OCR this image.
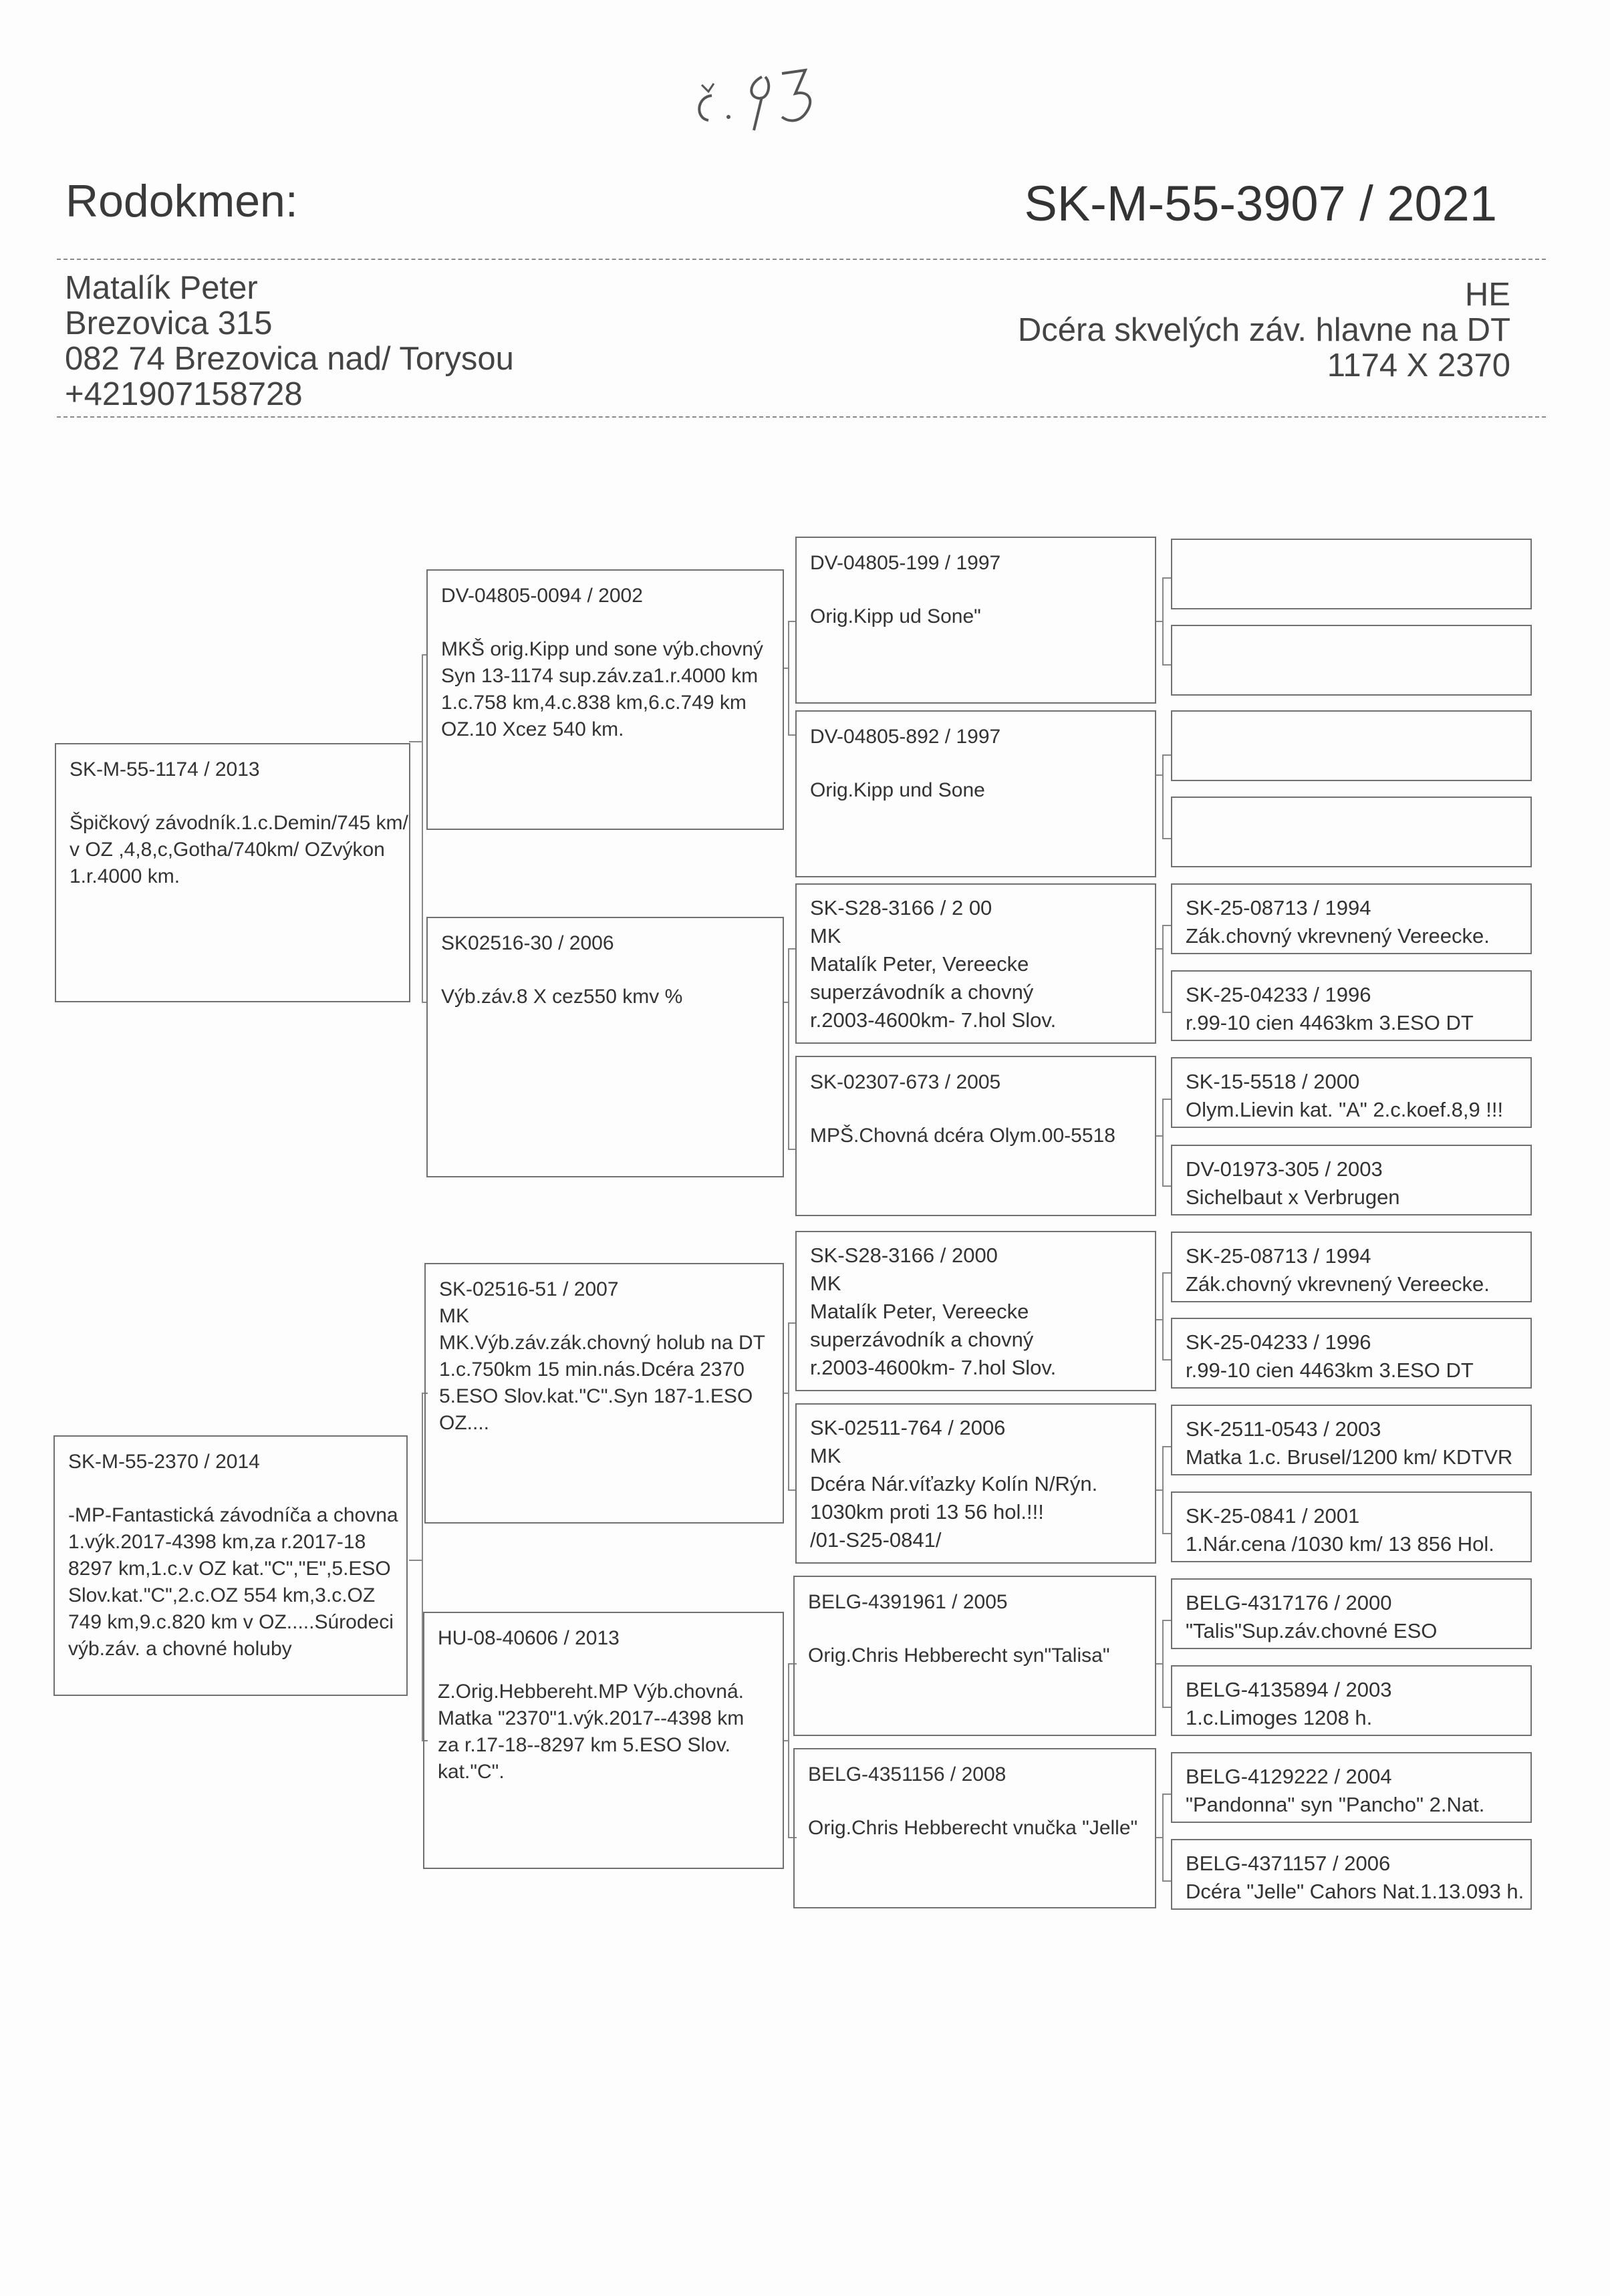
Rodokmen:	SK-M-55-3907 / 2021
Matalík Peter
Brezovica 315
082 74 Brezovica nad/ Torysou
+421907158728
HE
Dcéra skvelých záv. hlavne na DT
1174 X 2370
SK-M-55-1174 / 2013
Špičkový závodník.1.c.Demin/745 km/
v OZ ,4,8,c,Gotha/740km/ OZvýkon
1.r.4000 km.
SK-M-55-2370 / 2014
-MP-Fantastická závodníča a chovna
1.výk.2017-4398 km,za r.2017-18
8297 km,1.c.v OZ kat."C","E",5.ESO
Slov.kat."C",2.c.OZ 554 km,3.c.OZ
749 km,9.c.820 km v OZ.....Súrodeci
výb.záv. a chovné holuby
DV-04805-0094 / 2002
MKŠ orig.Kipp und sone výb.chovný
Syn 13-1174 sup.záv.za1.r.4000 km
1.c.758 km,4.c.838 km,6.c.749 km
OZ.10 Xcez 540 km.
SK02516-30 / 2006
Výb.záv.8 X cez550 kmv %
SK-02516-51 / 2007
MK
MK.Výb.záv.zák.chovný holub na DT
1.c.750km 15 min.nás.Dcéra 2370
5.ESO Slov.kat."C".Syn 187-1.ESO
OZ....
HU-08-40606 / 2013
Z.Orig.Hebbereht.MP Výb.chovná.
Matka "2370"1.výk.2017--4398 km
za r.17-18--8297 km 5.ESO Slov.
kat."C".
DV-04805-199 / 1997
Orig.Kipp ud Sone"
DV-04805-892 / 1997
Orig.Kipp und Sone
SK-S28-3166 / 2 00
MK
Matalík Peter, Vereecke
superzávodník a chovný
r.2003-4600km- 7.hol Slov.
SK-02307-673 / 2005
MPŠ.Chovná dcéra Olym.00-5518
SK-S28-3166 / 2000
MK
Matalík Peter, Vereecke
superzávodník a chovný
r.2003-4600km- 7.hol Slov.
SK-02511-764 / 2006
MK
Dcéra Nár.víťazky Kolín N/Rýn.
1030km proti 13 56 hol.!!!
/01-S25-0841/
BELG-4391961 / 2005
Orig.Chris Hebberecht syn"Talisa"
BELG-4351156 / 2008
Orig.Chris Hebberecht vnučka "Jelle"
SK-25-08713 / 1994
Zák.chovný vkrevnený Vereecke.
SK-25-04233 / 1996
r.99-10 cien 4463km 3.ESO DT
SK-15-5518 / 2000
Olym.Lievin kat. "A" 2.c.koef.8,9 !!!
DV-01973-305 / 2003
Sichelbaut x Verbrugen
SK-25-08713 / 1994
Zák.chovný vkrevnený Vereecke.
SK-25-04233 / 1996
r.99-10 cien 4463km 3.ESO DT
SK-2511-0543 / 2003
Matka 1.c. Brusel/1200 km/ KDTVR
SK-25-0841 / 2001
1.Nár.cena /1030 km/ 13 856 Hol.
BELG-4317176 / 2000
"Talis"Sup.záv.chovné ESO
BELG-4135894 / 2003
1.c.Limoges 1208 h.
BELG-4129222 / 2004
"Pandonna" syn "Pancho" 2.Nat.
BELG-4371157 / 2006
Dcéra "Jelle" Cahors Nat.1.13.093 h.
